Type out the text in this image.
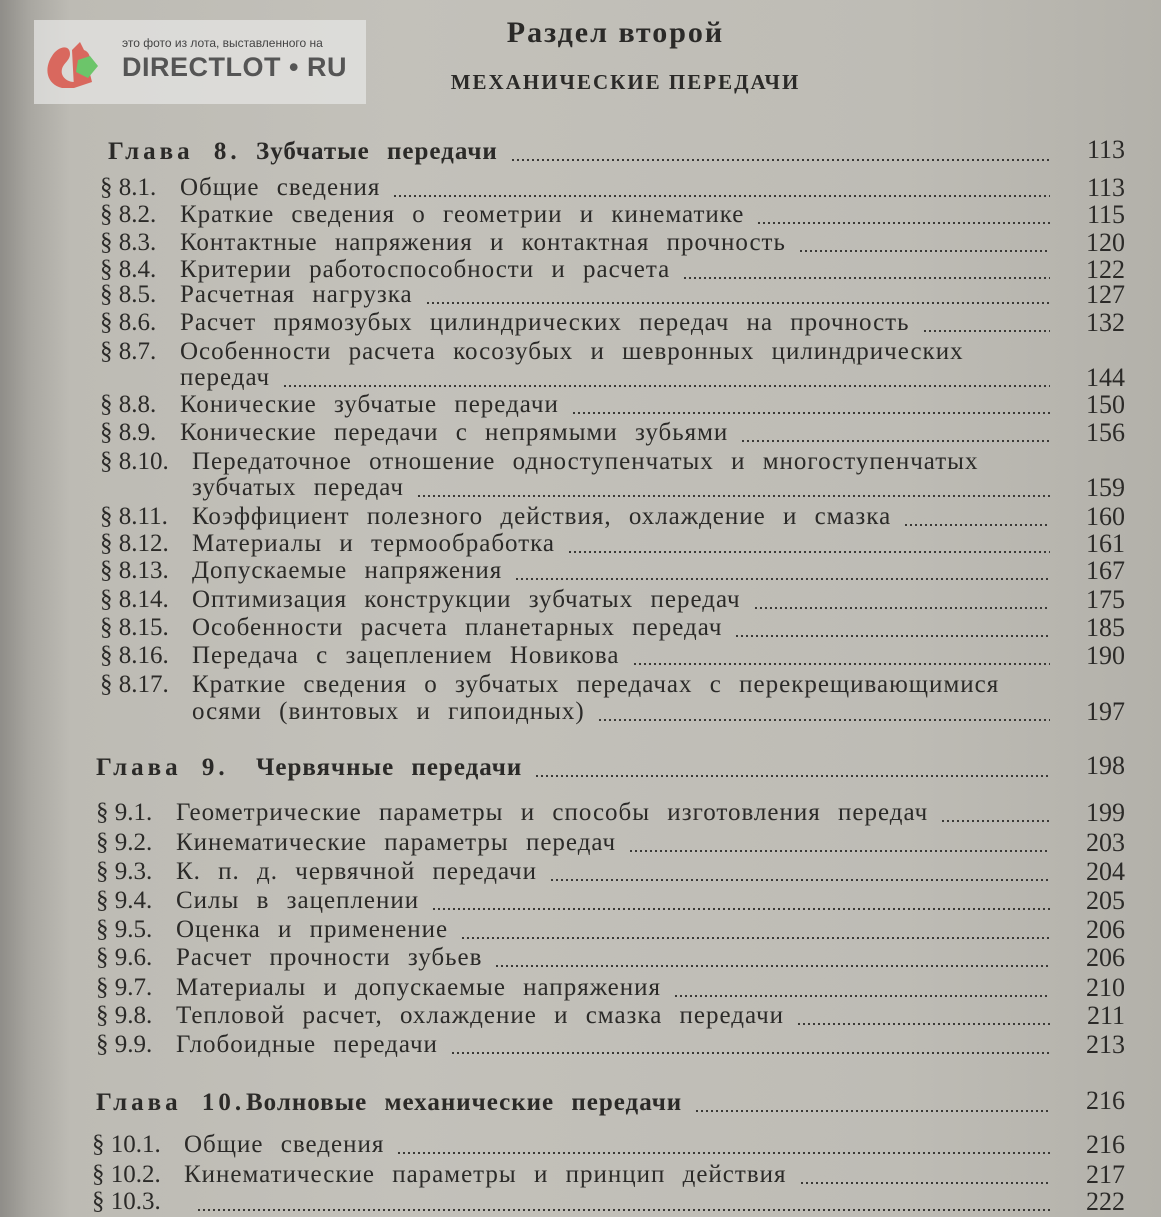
это фото из лота, выставленного на
DIRECTLOT • RU
Раздел второй
МЕХАНИЧЕСКИЕ ПЕРЕДАЧИ
Глава 8. Зубчатые передачи	113
§ 8.1. Общие сведения	113
§ 8.2. Краткие сведения о геометрии и кинематике	115
§ 8.3. Контактные напряжения и контактная прочность	120
§ 8.4. Критерии работоспособности и расчета	122
§ 8.5. Расчетная нагрузка	127
§ 8.6. Расчет прямозубых цилиндрических передач на прочность	132
§ 8.7. Особенности расчета косозубых и шевронных цилиндрических
передач	144
§ 8.8. Конические зубчатые передачи	150
§ 8.9. Конические передачи с непрямыми зубьями	156
§ 8.10. Передаточное отношение одноступенчатых и многоступенчатых
зубчатых передач	159
§ 8.11. Коэффициент полезного действия, охлаждение и смазка	160
§ 8.12. Материалы и термообработка	161
§ 8.13. Допускаемые напряжения	167
§ 8.14. Оптимизация конструкции зубчатых передач	175
§ 8.15. Особенности расчета планетарных передач	185
§ 8.16. Передача с зацеплением Новикова	190
§ 8.17. Краткие сведения о зубчатых передачах с перекрещивающимися
осями (винтовых и гипоидных)	197
Глава 9. Червячные передачи	198
§ 9.1. Геометрические параметры и способы изготовления передач	199
§ 9.2. Кинематические параметры передач	203
§ 9.3. К. п. д. червячной передачи	204
§ 9.4. Силы в зацеплении	205
§ 9.5. Оценка и применение	206
§ 9.6. Расчет прочности зубьев	206
§ 9.7. Материалы и допускаемые напряжения	210
§ 9.8. Тепловой расчет, охлаждение и смазка передачи	211
§ 9.9. Глобоидные передачи	213
Глава 10. Волновые механические передачи	216
§ 10.1. Общие сведения	216
§ 10.2. Кинематические параметры и принцип действия	217
§ 10.3.	222
